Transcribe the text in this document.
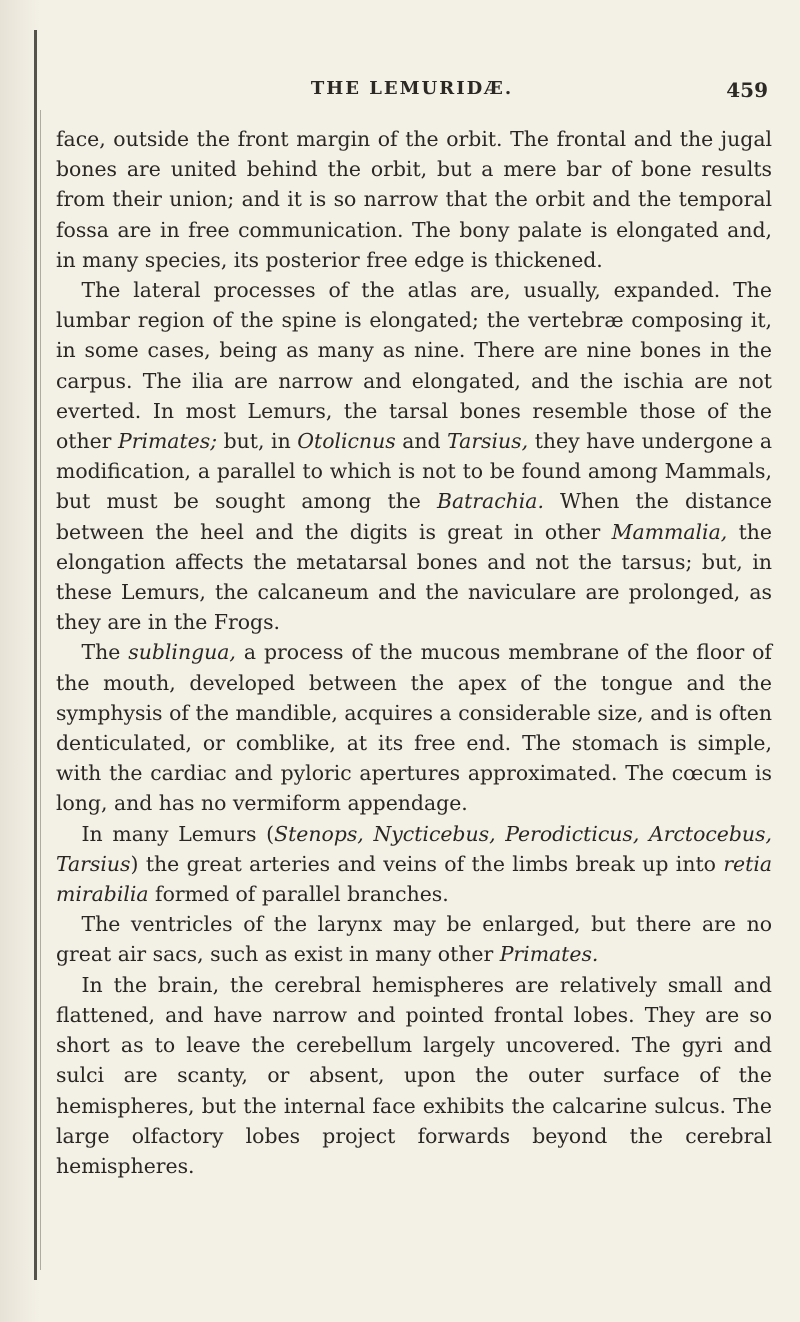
THE LEMURIDÆ.	459

face, outside the front margin of the orbit. The frontal and the jugal bones are united behind the orbit, but a mere bar of bone results from their union; and it is so narrow that the orbit and the temporal fossa are in free communication. The bony palate is elongated and, in many species, its posterior free edge is thickened.

The lateral processes of the atlas are, usually, expanded. The lumbar region of the spine is elongated; the vertebræ composing it, in some cases, being as many as nine. There are nine bones in the carpus. The ilia are narrow and elongated, and the ischia are not everted. In most Lemurs, the tarsal bones resemble those of the other Primates; but, in Otolicnus and Tarsius, they have undergone a modification, a parallel to which is not to be found among Mammals, but must be sought among the Batrachia. When the distance between the heel and the digits is great in other Mammalia, the elongation affects the metatarsal bones and not the tarsus; but, in these Lemurs, the calcaneum and the naviculare are prolonged, as they are in the Frogs.

The sublingua, a process of the mucous membrane of the floor of the mouth, developed between the apex of the tongue and the symphysis of the mandible, acquires a considerable size, and is often denticulated, or comblike, at its free end. The stomach is simple, with the cardiac and pyloric apertures approximated. The cœcum is long, and has no vermiform appendage.

In many Lemurs (Stenops, Nycticebus, Perodicticus, Arctocebus, Tarsius) the great arteries and veins of the limbs break up into retia mirabilia formed of parallel branches.

The ventricles of the larynx may be enlarged, but there are no great air sacs, such as exist in many other Primates.

In the brain, the cerebral hemispheres are relatively small and flattened, and have narrow and pointed frontal lobes. They are so short as to leave the cerebellum largely uncovered. The gyri and sulci are scanty, or absent, upon the outer surface of the hemispheres, but the internal face exhibits the calcarine sulcus. The large olfactory lobes project forwards beyond the cerebral hemispheres.
